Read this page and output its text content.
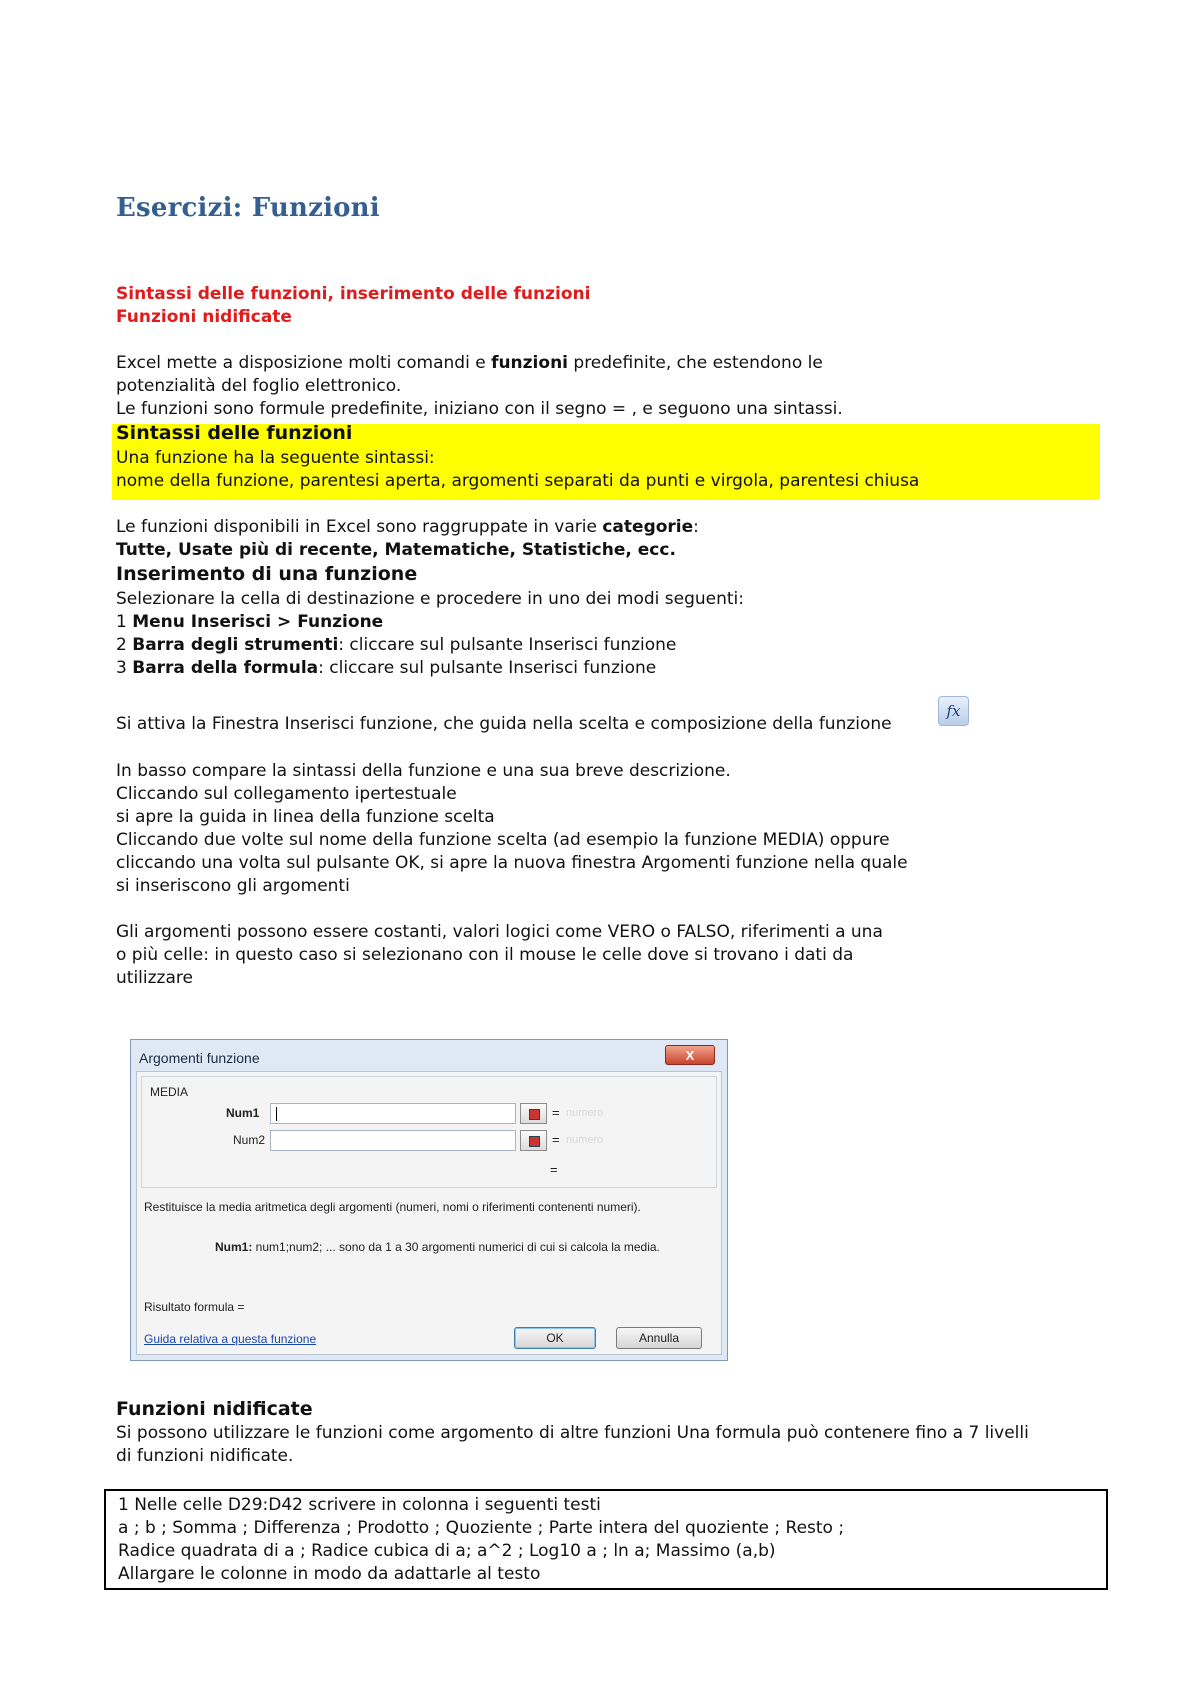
Esercizi: Funzioni
Sintassi delle funzioni, inserimento delle funzioni
Funzioni nidificate
Excel mette a disposizione molti comandi e funzioni predefinite, che estendono le
potenzialità del foglio elettronico.
Le funzioni sono formule predefinite, iniziano con il segno = , e seguono una sintassi.
Sintassi delle funzioni
Una funzione ha la seguente sintassi:
nome della funzione, parentesi aperta, argomenti separati da punti e virgola, parentesi chiusa
Le funzioni disponibili in Excel sono raggruppate in varie categorie:
Tutte, Usate più di recente, Matematiche, Statistiche, ecc.
Inserimento di una funzione
Selezionare la cella di destinazione e procedere in uno dei modi seguenti:
1 Menu Inserisci > Funzione
2 Barra degli strumenti: cliccare sul pulsante Inserisci funzione
3 Barra della formula: cliccare sul pulsante Inserisci funzione
Si attiva la Finestra Inserisci funzione, che guida nella scelta e composizione della funzione
fx
In basso compare la sintassi della funzione e una sua breve descrizione.
Cliccando sul collegamento ipertestuale
si apre la guida in linea della funzione scelta
Cliccando due volte sul nome della funzione scelta (ad esempio la funzione MEDIA) oppure
cliccando una volta sul pulsante OK, si apre la nuova finestra Argomenti funzione nella quale
si inseriscono gli argomenti
Gli argomenti possono essere costanti, valori logici come VERO o FALSO, riferimenti a una
o più celle: in questo caso si selezionano con il mouse le celle dove si trovano i dati da
utilizzare
Argomenti funzione	X
MEDIA
Num1	= numero
Num2	= numero
=
Restituisce la media aritmetica degli argomenti (numeri, nomi o riferimenti contenenti numeri).
Num1: num1;num2; ... sono da 1 a 30 argomenti numerici di cui si calcola la media.
Risultato formula =
Guida relativa a questa funzione	OK	Annulla
Funzioni nidificate
Si possono utilizzare le funzioni come argomento di altre funzioni Una formula può contenere fino a 7 livelli
di funzioni nidificate.
1 Nelle celle D29:D42 scrivere in colonna i seguenti testi
a ; b ; Somma ; Differenza ; Prodotto ; Quoziente ; Parte intera del quoziente ; Resto ;
Radice quadrata di a ; Radice cubica di a; a^2 ; Log10 a ; ln a; Massimo (a,b)
Allargare le colonne in modo da adattarle al testo
